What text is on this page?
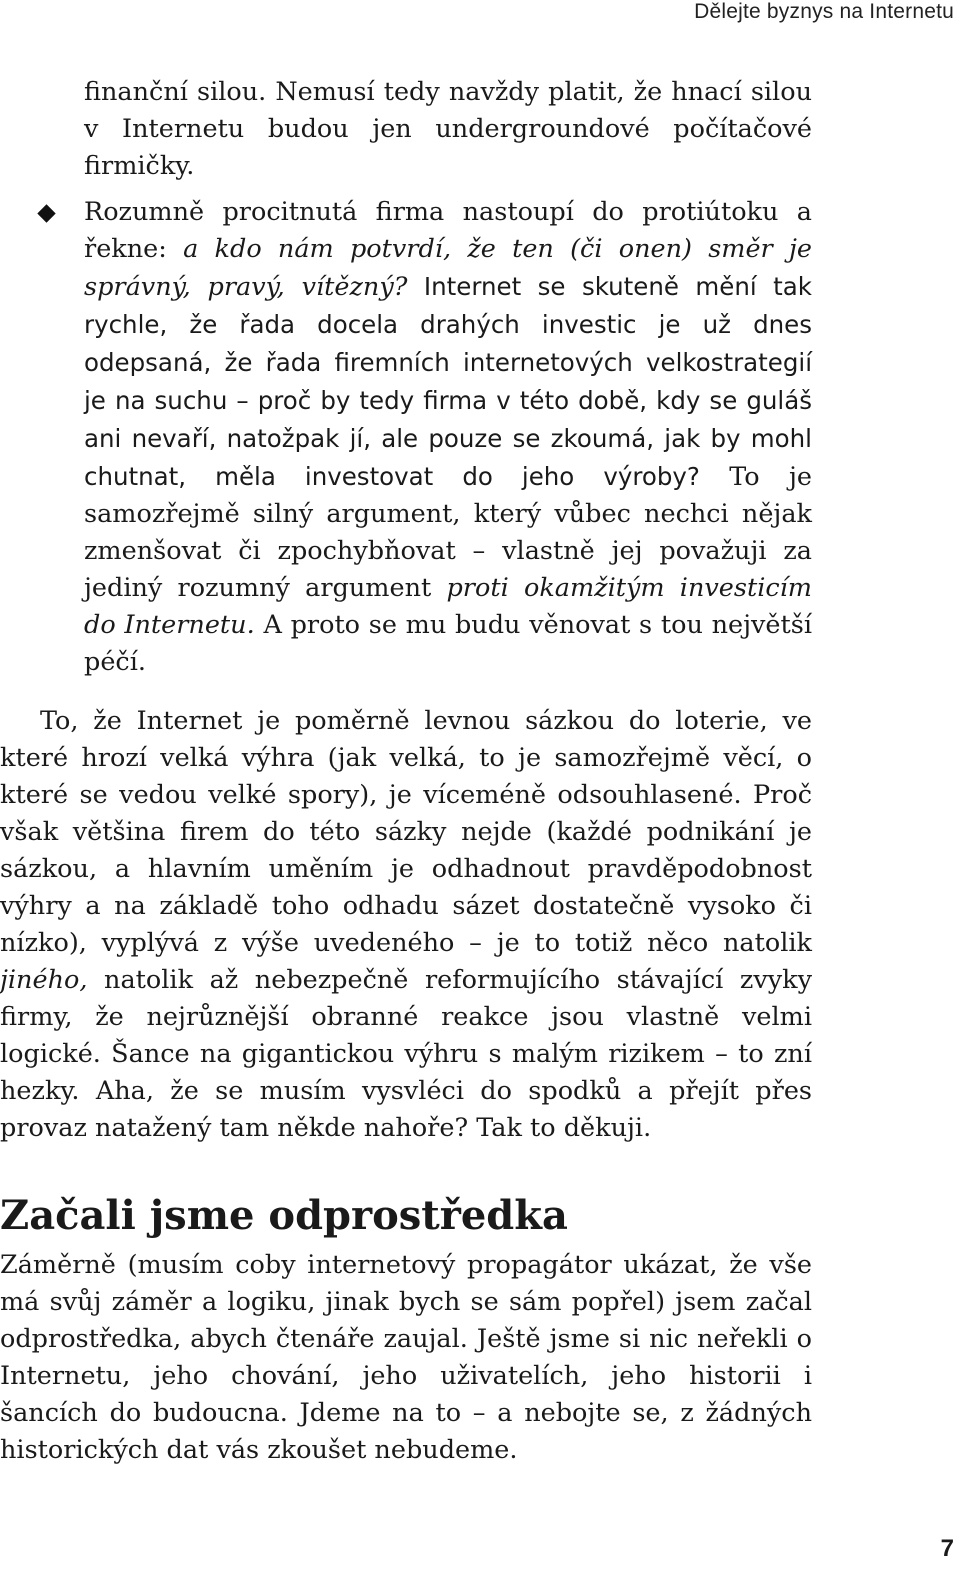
Dělejte byznys na Internetu

finanční silou. Nemusí tedy navždy platit, že hnací silou v Internetu budou jen undergroundové počítačové firmičky.

Rozumně procitnutá firma nastoupí do protiútoku a řekne: a kdo nám potvrdí, že ten (či onen) směr je správný, pravý, vítězný? Internet se skuteně mění tak rychle, že řada docela drahých investic je už dnes odepsaná, že řada firemních internetových velkostrategií je na suchu – proč by tedy firma v této době, kdy se guláš ani nevaří, natožpak jí, ale pouze se zkoumá, jak by mohl chutnat, měla investovat do jeho výroby? To je samozřejmě silný argument, který vůbec nechci nějak zmenšovat či zpochybňovat – vlastně jej považuji za jediný rozumný argument proti okamžitým investicím do Internetu. A proto se mu budu věnovat s tou největší péčí.

To, že Internet je poměrně levnou sázkou do loterie, ve které hrozí velká výhra (jak velká, to je samozřejmě věcí, o které se vedou velké spory), je víceméně odsouhlasené. Proč však většina firem do této sázky nejde (každé podnikání je sázkou, a hlavním uměním je odhadnout pravděpodobnost výhry a na základě toho odhadu sázet dostatečně vysoko či nízko), vyplývá z výše uvedeného – je to totiž něco natolik jiného, natolik až nebezpečně reformujícího stávající zvyky firmy, že nejrůznější obranné reakce jsou vlastně velmi logické. Šance na gigantickou výhru s malým rizikem – to zní hezky. Aha, že se musím vysvléci do spodků a přejít přes provaz natažený tam někde nahoře? Tak to děkuji.

Začali jsme odprostředka

Záměrně (musím coby internetový propagátor ukázat, že vše má svůj záměr a logiku, jinak bych se sám popřel) jsem začal odprostředka, abych čtenáře zaujal. Ještě jsme si nic neřekli o Internetu, jeho chování, jeho uživatelích, jeho historii i šancích do budoucna. Jdeme na to – a nebojte se, z žádných historických dat vás zkoušet nebudeme.

7
